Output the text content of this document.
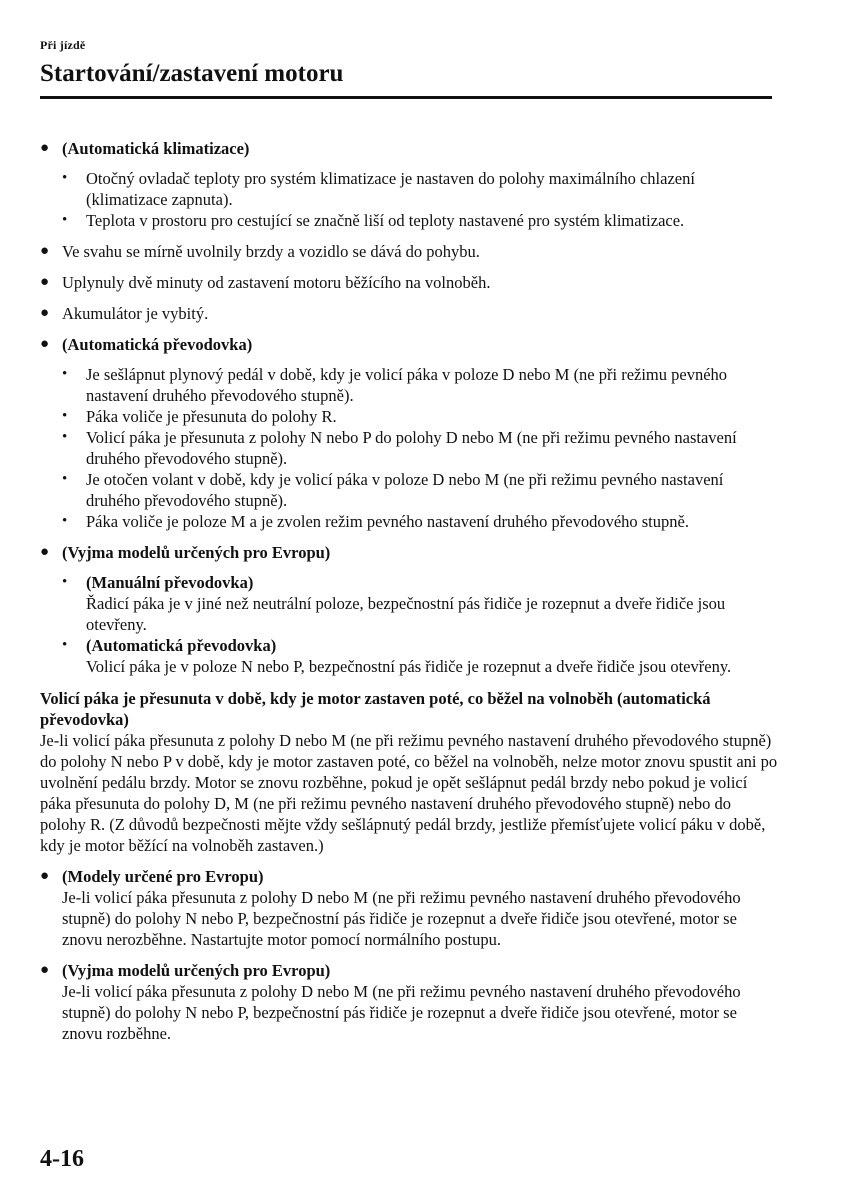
Při jízdě
Startování/zastavení motoru
● (Automatická klimatizace)
•	Otočný ovladač teploty pro systém klimatizace je nastaven do polohy maximálního chlazení (klimatizace zapnuta).
•	Teplota v prostoru pro cestující se značně liší od teploty nastavené pro systém klimatizace.
● Ve svahu se mírně uvolnily brzdy a vozidlo se dává do pohybu.
● Uplynuly dvě minuty od zastavení motoru běžícího na volnoběh.
● Akumulátor je vybitý.
● (Automatická převodovka)
•	Je sešlápnut plynový pedál v době, kdy je volicí páka v poloze D nebo M (ne při režimu pevného nastavení druhého převodového stupně).
•	Páka voliče je přesunuta do polohy R.
•	Volicí páka je přesunuta z polohy N nebo P do polohy D nebo M (ne při režimu pevného nastavení druhého převodového stupně).
•	Je otočen volant v době, kdy je volicí páka v poloze D nebo M (ne při režimu pevného nastavení druhého převodového stupně).
•	Páka voliče je poloze M a je zvolen režim pevného nastavení druhého převodového stupně.
● (Vyjma modelů určených pro Evropu)
•	(Manuální převodovka)
Řadicí páka je v jiné než neutrální poloze, bezpečnostní pás řidiče je rozepnut a dveře řidiče jsou otevřeny.
•	(Automatická převodovka)
Volicí páka je v poloze N nebo P, bezpečnostní pás řidiče je rozepnut a dveře řidiče jsou otevřeny.
Volicí páka je přesunuta v době, kdy je motor zastaven poté, co běžel na volnoběh (automatická převodovka)
Je-li volicí páka přesunuta z polohy D nebo M (ne při režimu pevného nastavení druhého převodového stupně) do polohy N nebo P v době, kdy je motor zastaven poté, co běžel na volnoběh, nelze motor znovu spustit ani po uvolnění pedálu brzdy. Motor se znovu rozběhne, pokud je opět sešlápnut pedál brzdy nebo pokud je volicí páka přesunuta do polohy D, M (ne při režimu pevného nastavení druhého převodového stupně) nebo do polohy R. (Z důvodů bezpečnosti mějte vždy sešlápnutý pedál brzdy, jestliže přemísťujete volicí páku v době, kdy je motor běžící na volnoběh zastaven.)
● (Modely určené pro Evropu)
Je-li volicí páka přesunuta z polohy D nebo M (ne při režimu pevného nastavení druhého převodového stupně) do polohy N nebo P, bezpečnostní pás řidiče je rozepnut a dveře řidiče jsou otevřené, motor se znovu nerozběhne. Nastartujte motor pomocí normálního postupu.
● (Vyjma modelů určených pro Evropu)
Je-li volicí páka přesunuta z polohy D nebo M (ne při režimu pevného nastavení druhého převodového stupně) do polohy N nebo P, bezpečnostní pás řidiče je rozepnut a dveře řidiče jsou otevřené, motor se znovu rozběhne.
4-16
